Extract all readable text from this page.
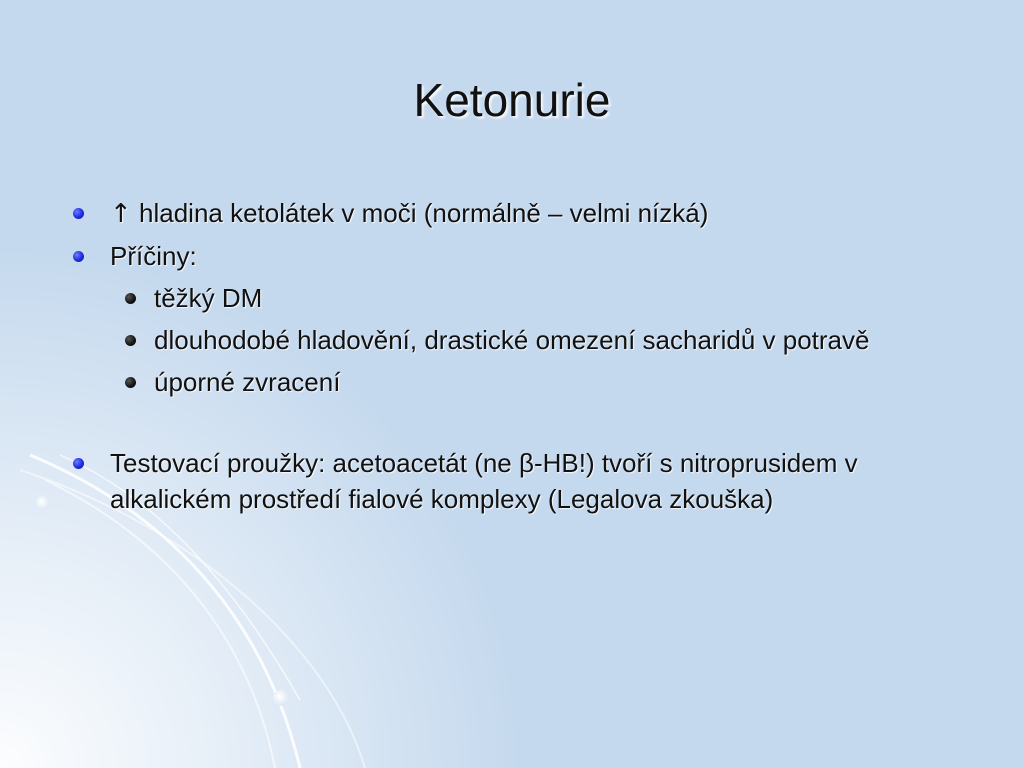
Ketonurie
↑ hladina ketolátek v moči (normálně – velmi nízká)
Příčiny:
těžký DM
dlouhodobé hladovění, drastické omezení sacharidů v potravě
úporné zvracení
Testovací proužky: acetoacetát (ne β-HB!) tvoří s nitroprusidem v
alkalickém prostředí fialové komplexy (Legalova zkouška)
